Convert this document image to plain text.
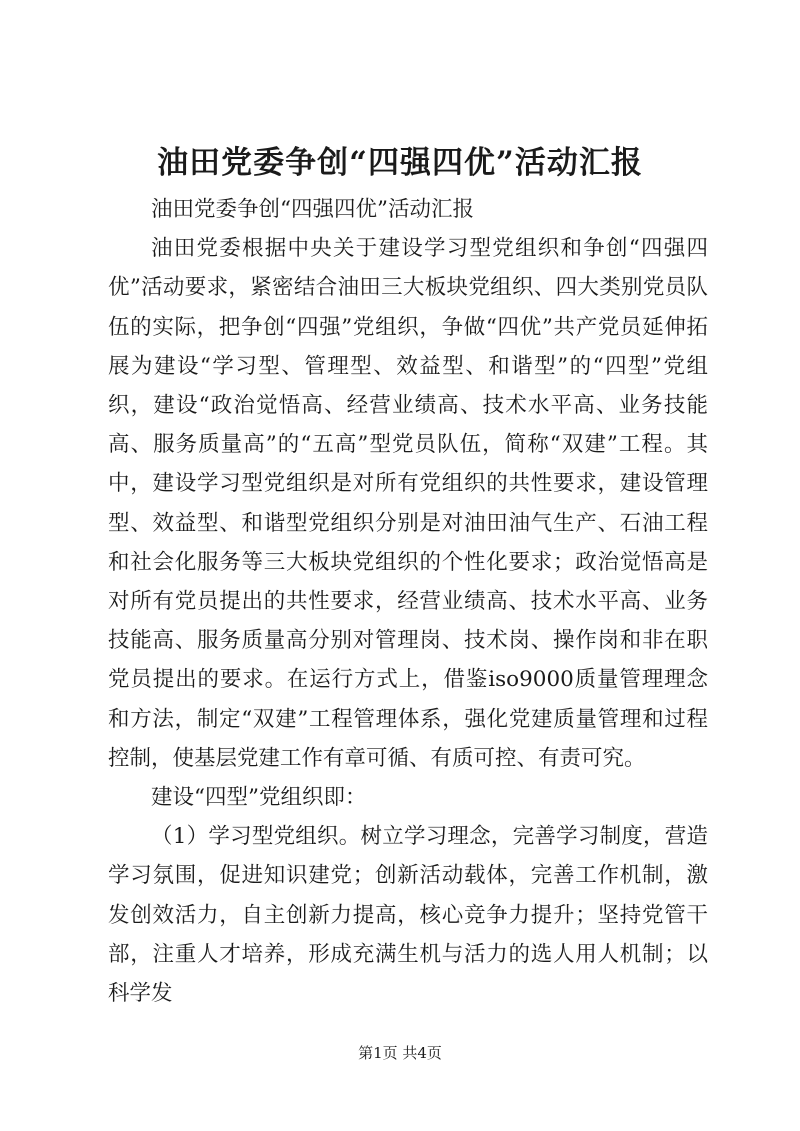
油田党委争创“四强四优”活动汇报

油田党委争创“四强四优”活动汇报

油田党委根据中央关于建设学习型党组织和争创“四强四优”活动要求，紧密结合油田三大板块党组织、四大类别党员队伍的实际，把争创“四强”党组织，争做“四优”共产党员延伸拓展为建设“学习型、管理型、效益型、和谐型”的“四型”党组织，建设“政治觉悟高、经营业绩高、技术水平高、业务技能高、服务质量高”的“五高”型党员队伍，简称“双建”工程。其中，建设学习型党组织是对所有党组织的共性要求，建设管理型、效益型、和谐型党组织分别是对油田油气生产、石油工程和社会化服务等三大板块党组织的个性化要求；政治觉悟高是对所有党员提出的共性要求，经营业绩高、技术水平高、业务技能高、服务质量高分别对管理岗、技术岗、操作岗和非在职党员提出的要求。在运行方式上，借鉴iso9000质量管理理念和方法，制定“双建”工程管理体系，强化党建质量管理和过程控制，使基层党建工作有章可循、有质可控、有责可究。

建设“四型”党组织即：

（1）学习型党组织。树立学习理念，完善学习制度，营造学习氛围，促进知识建党；创新活动载体，完善工作机制，激发创效活力，自主创新力提高，核心竞争力提升；坚持党管干部，注重人才培养，形成充满生机与活力的选人用人机制；以科学发

第1页 共4页
